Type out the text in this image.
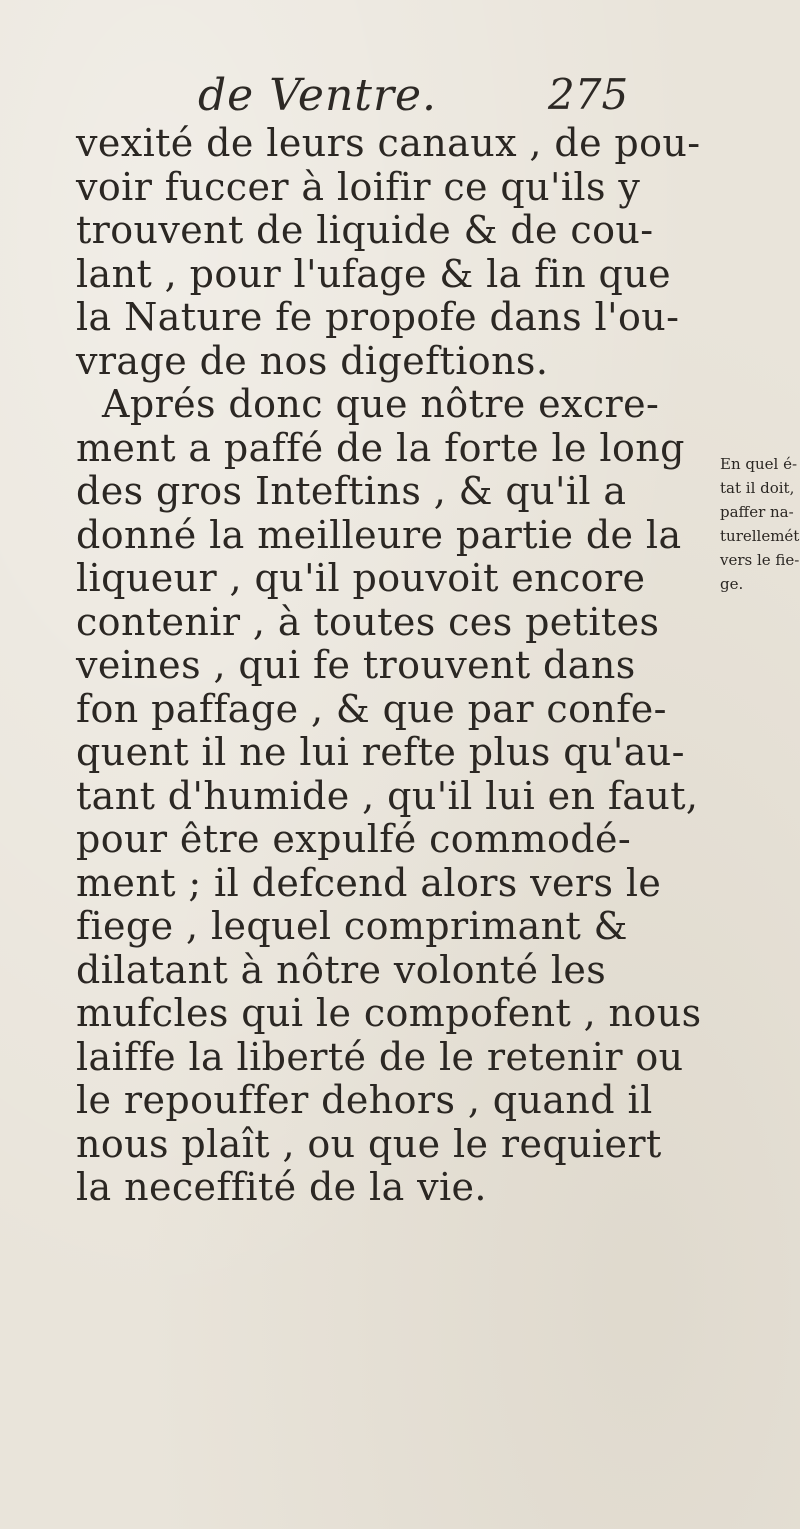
de Ventre.	275
vexité de leurs canaux , de pou-
voir fuccer à loifir ce qu'ils y
trouvent de liquide & de cou-
lant , pour l'ufage & la fin que
la Nature fe propofe dans l'ou-
vrage de nos digeftions.
Aprés donc que nôtre excre-
ment a paffé de la forte le long
des gros Inteftins , & qu'il a
donné la meilleure partie de la
liqueur , qu'il pouvoit encore
contenir , à toutes ces petites
veines , qui fe trouvent dans
fon paffage , & que par confe-
quent il ne lui refte plus qu'au-
tant d'humide , qu'il lui en faut,
pour être expulfé commodé-
ment ; il defcend alors vers le
fiege , lequel comprimant &
dilatant à nôtre volonté les
mufcles qui le compofent , nous
laiffe la liberté de le retenir ou
le repouffer dehors , quand il
nous plaît , ou que le requiert
la neceffité de la vie.
En quel é-
tat il doit,
paffer na-
turellemét
vers le fie-
ge.
